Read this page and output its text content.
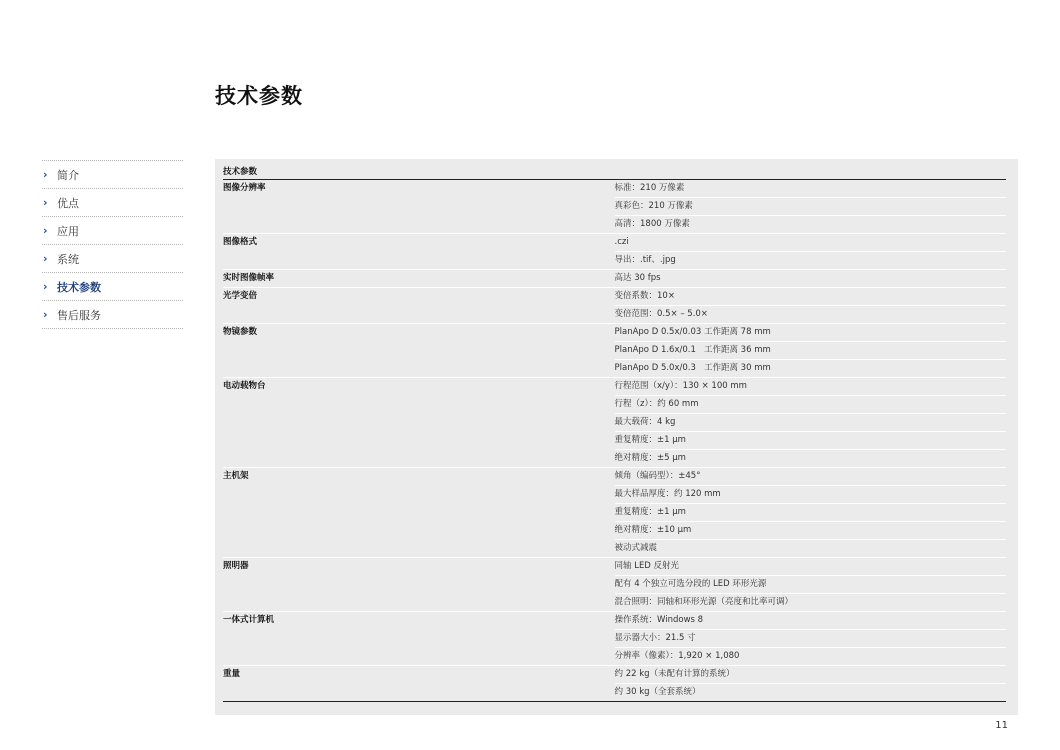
技术参数
› 简介
› 优点
› 应用
› 系统
› 技术参数
› 售后服务
技术参数	
图像分辨率	标准：210 万像素
	真彩色：210 万像素
	高清：1800 万像素
图像格式	.czi
	导出：.tif、.jpg
实时图像帧率	高达 30 fps
光学变倍	变倍系数：10×
	变倍范围：0.5× – 5.0×
物镜参数	PlanApo D 0.5x/0.03 工作距离 78 mm
	PlanApo D 1.6x/0.1   工作距离 36 mm
	PlanApo D 5.0x/0.3   工作距离 30 mm
电动载物台	行程范围（x/y）：130 × 100 mm
	行程（z）：约 60 mm
	最大载荷：4 kg
	重复精度：±1 µm
	绝对精度：±5 µm
主机架	倾角（编码型）：±45°
	最大样品厚度：约 120 mm
	重复精度：±1 µm
	绝对精度：±10 µm
	被动式减震
照明器	同轴 LED 反射光
	配有 4 个独立可选分段的 LED 环形光源
	混合照明：同轴和环形光源（亮度和比率可调）
一体式计算机	操作系统：Windows 8
	显示器大小：21.5 寸
	分辨率（像素）：1,920 × 1,080
重量	约 22 kg（未配有计算的系统）
	约 30 kg（全套系统）
11
